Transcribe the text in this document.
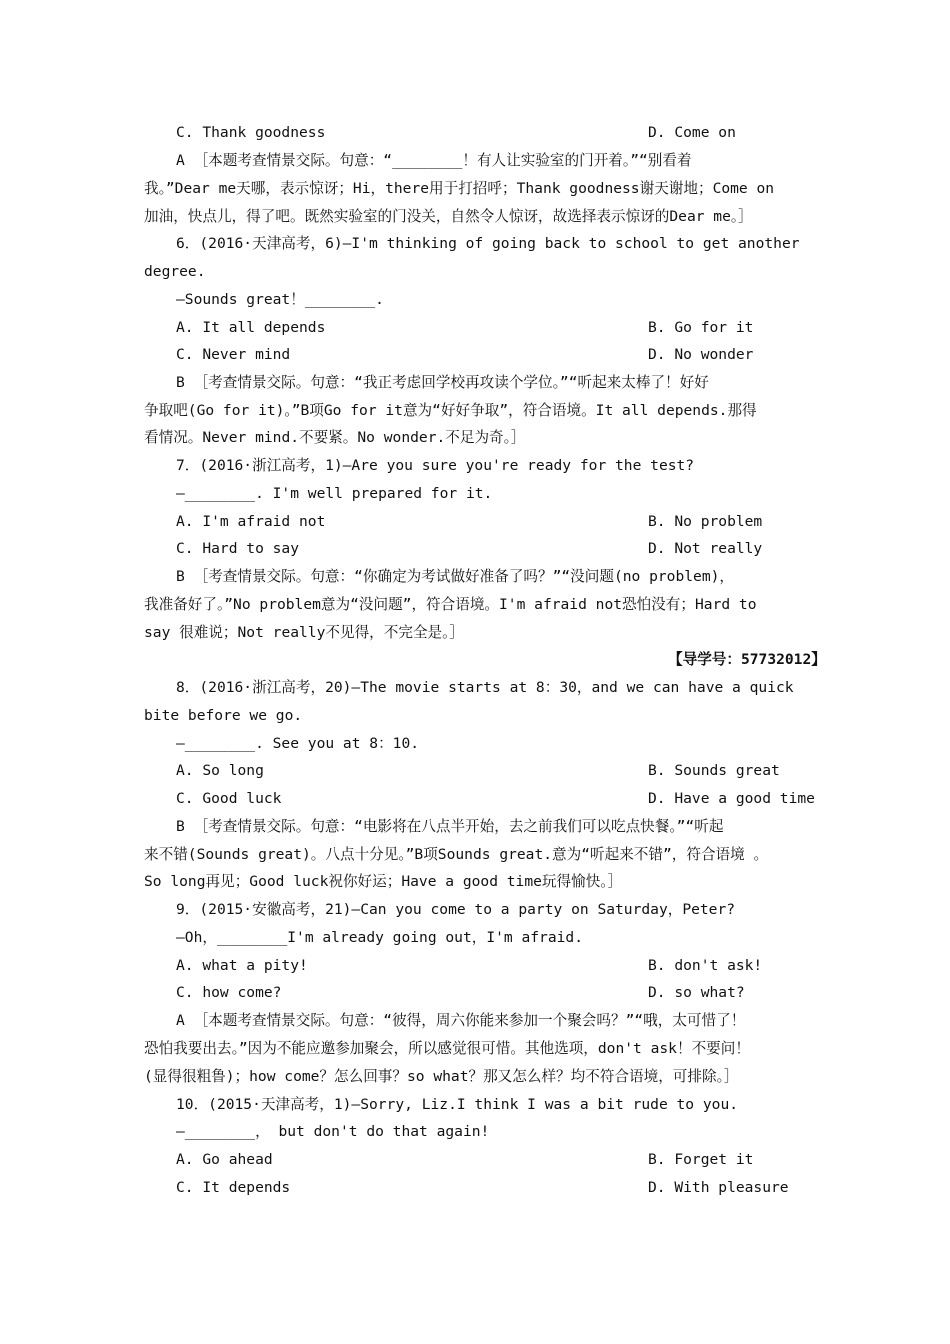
C. Thank goodness	D. Come on
A ［本题考查情景交际。句意：“________！有人让实验室的门开着。”“别看着
我。”Dear me天哪，表示惊讶；Hi，there用于打招呼；Thank goodness谢天谢地；Come on
加油，快点儿，得了吧。既然实验室的门没关，自然令人惊讶，故选择表示惊讶的Dear me。］
6．(2016·天津高考，6)—I'm thinking of going back to school to get another
degree.
—Sounds great！________.
A. It all depends	B. Go for it
C. Never mind	D. No wonder
B ［考查情景交际。句意：“我正考虑回学校再攻读个学位。”“听起来太棒了！好好
争取吧(Go for it)。”B项Go for it意为“好好争取”，符合语境。It all depends.那得
看情况。Never mind.不要紧。No wonder.不足为奇。］
7．(2016·浙江高考，1)—Are you sure you're ready for the test?
—________. I'm well prepared for it.
A. I'm afraid not	B. No problem
C. Hard to say	D. Not really
B ［考查情景交际。句意：“你确定为考试做好准备了吗？”“没问题(no problem)，
我准备好了。”No problem意为“没问题”，符合语境。I'm afraid not恐怕没有；Hard to
say 很难说；Not really不见得，不完全是。］
【导学号：57732012】
8．(2016·浙江高考，20)—The movie starts at 8：30，and we can have a quick
bite before we go.
—________. See you at 8：10.
A. So long	B. Sounds great
C. Good luck	D. Have a good time
B ［考查情景交际。句意：“电影将在八点半开始，去之前我们可以吃点快餐。”“听起
来不错(Sounds great)。八点十分见。”B项Sounds great.意为“听起来不错”，符合语境 。
So long再见；Good luck祝你好运；Have a good time玩得愉快。］
9．(2015·安徽高考，21)—Can you come to a party on Saturday，Peter?
—Oh，________I'm already going out，I'm afraid.
A. what a pity!	B. don't ask!
C. how come?	D. so what?
A ［本题考查情景交际。句意：“彼得，周六你能来参加一个聚会吗？”“哦，太可惜了！
恐怕我要出去。”因为不能应邀参加聚会，所以感觉很可惜。其他选项，don't ask！不要问！
(显得很粗鲁)；how come？怎么回事？so what？那又怎么样？均不符合语境，可排除。］
10．(2015·天津高考，1)—Sorry, Liz.I think I was a bit rude to you.
—________， but don't do that again!
A. Go ahead	B. Forget it
C. It depends	D. With pleasure
